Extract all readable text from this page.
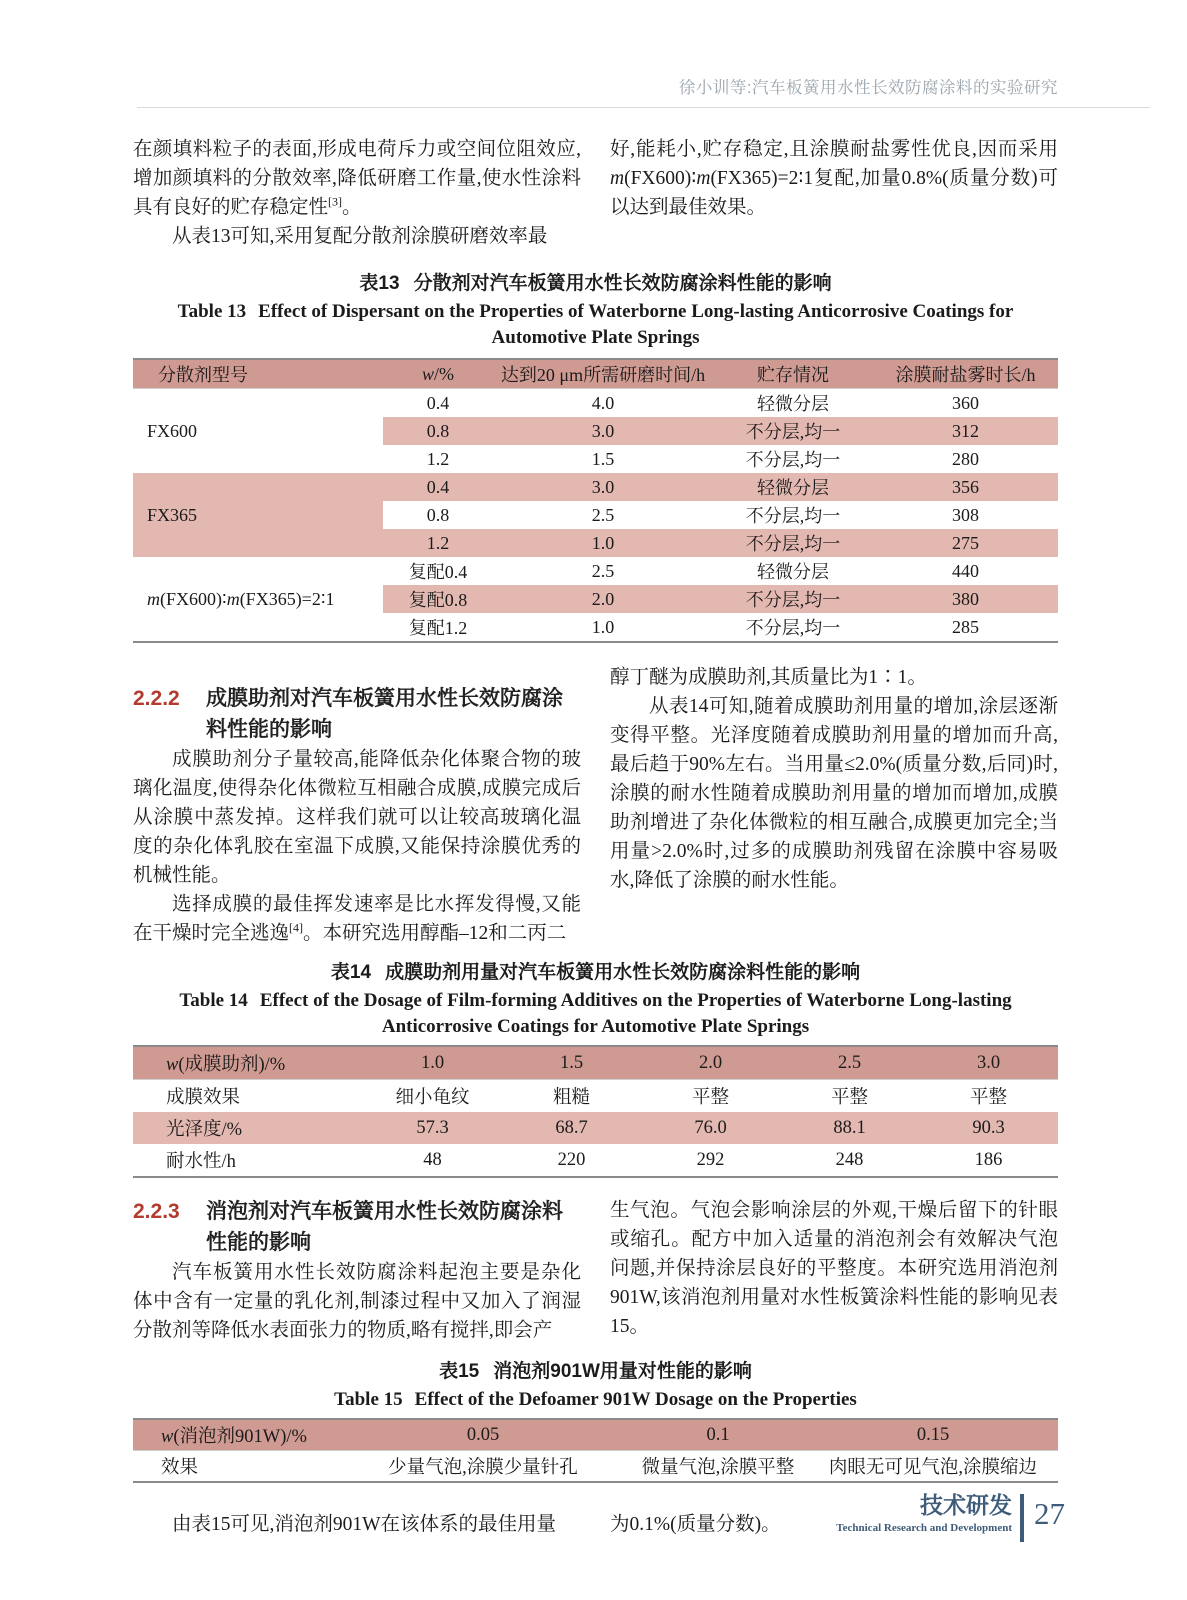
徐小训等:汽车板簧用水性长效防腐涂料的实验研究

在颜填料粒子的表面,形成电荷斥力或空间位阻效应,增加颜填料的分散效率,降低研磨工作量,使水性涂料具有良好的贮存稳定性[3]。

从表13可知,采用复配分散剂涂膜研磨效率最

好,能耗小,贮存稳定,且涂膜耐盐雾性优良,因而采用m(FX600)∶m(FX365)=2∶1复配,加量0.8%(质量分数)可以达到最佳效果。

表13 分散剂对汽车板簧用水性长效防腐涂料性能的影响
Table 13 Effect of Dispersant on the Properties of Waterborne Long-lasting Anticorrosive Coatings for Automotive Plate Springs
分散剂型号	w/%	达到20 μm所需研磨时间/h	贮存情况	涂膜耐盐雾时长/h
FX600	0.4	4.0	轻微分层	360
	0.8	3.0	不分层,均一	312
	1.2	1.5	不分层,均一	280
FX365	0.4	3.0	轻微分层	356
	0.8	2.5	不分层,均一	308
	1.2	1.0	不分层,均一	275
m(FX600)∶m(FX365)=2∶1	复配0.4	2.5	轻微分层	440
	复配0.8	2.0	不分层,均一	380
	复配1.2	1.0	不分层,均一	285
2.2.2	成膜助剂对汽车板簧用水性长效防腐涂料性能的影响

成膜助剂分子量较高,能降低杂化体聚合物的玻璃化温度,使得杂化体微粒互相融合成膜,成膜完成后从涂膜中蒸发掉。这样我们就可以让较高玻璃化温度的杂化体乳胶在室温下成膜,又能保持涂膜优秀的机械性能。

选择成膜的最佳挥发速率是比水挥发得慢,又能在干燥时完全逃逸[4]。本研究选用醇酯–12和二丙二

醇丁醚为成膜助剂,其质量比为1∶1。

从表14可知,随着成膜助剂用量的增加,涂层逐渐变得平整。光泽度随着成膜助剂用量的增加而升高,最后趋于90%左右。当用量≤2.0%(质量分数,后同)时,涂膜的耐水性随着成膜助剂用量的增加而增加,成膜助剂增进了杂化体微粒的相互融合,成膜更加完全;当用量>2.0%时,过多的成膜助剂残留在涂膜中容易吸水,降低了涂膜的耐水性能。

表14 成膜助剂用量对汽车板簧用水性长效防腐涂料性能的影响
Table 14 Effect of the Dosage of Film-forming Additives on the Properties of Waterborne Long-lasting Anticorrosive Coatings for Automotive Plate Springs
w(成膜助剂)/%	1.0	1.5	2.0	2.5	3.0
成膜效果	细小龟纹	粗糙	平整	平整	平整
光泽度/%	57.3	68.7	76.0	88.1	90.3
耐水性/h	48	220	292	248	186
2.2.3	消泡剂对汽车板簧用水性长效防腐涂料性能的影响

汽车板簧用水性长效防腐涂料起泡主要是杂化体中含有一定量的乳化剂,制漆过程中又加入了润湿分散剂等降低水表面张力的物质,略有搅拌,即会产

生气泡。气泡会影响涂层的外观,干燥后留下的针眼或缩孔。配方中加入适量的消泡剂会有效解决气泡问题,并保持涂层良好的平整度。本研究选用消泡剂901W,该消泡剂用量对水性板簧涂料性能的影响见表15。

表15 消泡剂901W用量对性能的影响
Table 15 Effect of the Defoamer 901W Dosage on the Properties
w(消泡剂901W)/%	0.05	0.1	0.15
效果	少量气泡,涂膜少量针孔	微量气泡,涂膜平整	肉眼无可见气泡,涂膜缩边

由表15可见,消泡剂901W在该体系的最佳用量	为0.1%(质量分数)。

技术研发
Technical Research and Development 27
